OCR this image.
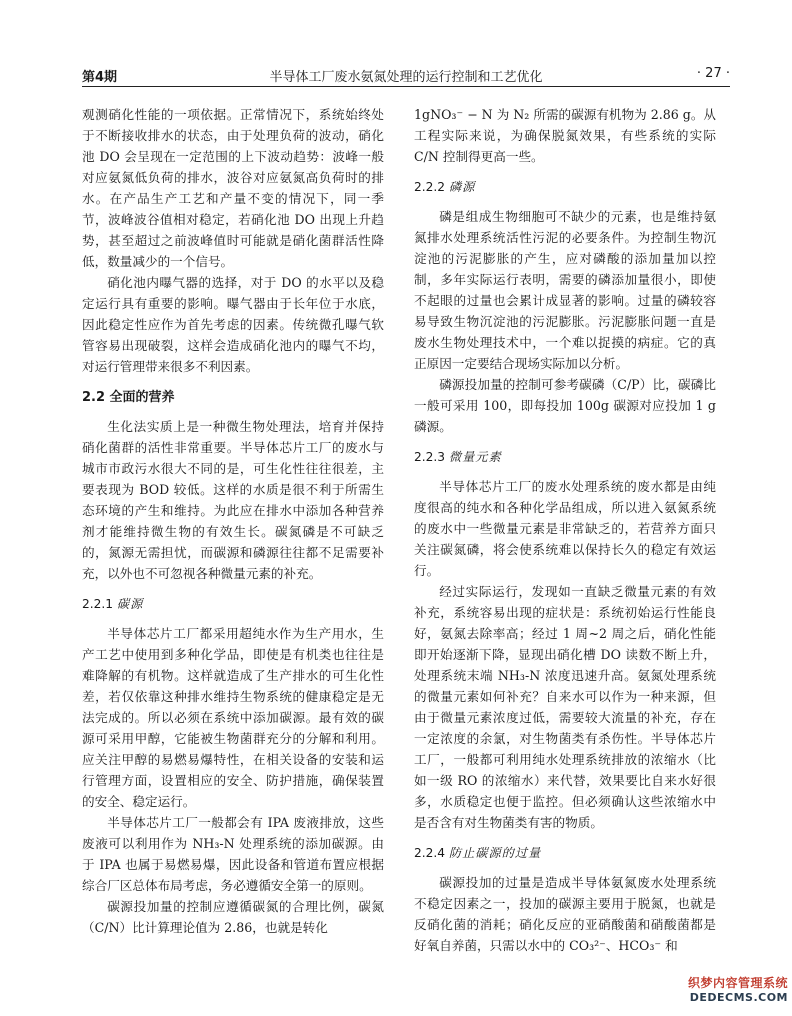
第4期	半导体工厂废水氨氮处理的运行控制和工艺优化	· 27 ·

观测硝化性能的一项依据。正常情况下，系统始终处于不断接收排水的状态，由于处理负荷的波动，硝化池 DO 会呈现在一定范围的上下波动趋势：波峰一般对应氨氮低负荷的排水，波谷对应氨氮高负荷时的排水。在产品生产工艺和产量不变的情况下，同一季节，波峰波谷值相对稳定，若硝化池 DO 出现上升趋势，甚至超过之前波峰值时可能就是硝化菌群活性降低，数量减少的一个信号。

硝化池内曝气器的选择，对于 DO 的水平以及稳定运行具有重要的影响。曝气器由于长年位于水底，因此稳定性应作为首先考虑的因素。传统微孔曝气软管容易出现破裂，这样会造成硝化池内的曝气不均，对运行管理带来很多不利因素。

2.2 全面的营养

生化法实质上是一种微生物处理法，培育并保持硝化菌群的活性非常重要。半导体芯片工厂的废水与城市市政污水很大不同的是，可生化性往往很差，主要表现为 BOD 较低。这样的水质是很不利于所需生态环境的产生和维持。为此应在排水中添加各种营养剂才能维持微生物的有效生长。碳氮磷是不可缺乏的，氮源无需担忧，而碳源和磷源往往都不足需要补充，以外也不可忽视各种微量元素的补充。

2.2.1 碳源

半导体芯片工厂都采用超纯水作为生产用水，生产工艺中使用到多种化学品，即使是有机类也往往是难降解的有机物。这样就造成了生产排水的可生化性差，若仅依靠这种排水维持生物系统的健康稳定是无法完成的。所以必须在系统中添加碳源。最有效的碳源可采用甲醇，它能被生物菌群充分的分解和利用。应关注甲醇的易燃易爆特性，在相关设备的安装和运行管理方面，设置相应的安全、防护措施，确保装置的安全、稳定运行。

半导体芯片工厂一般都会有 IPA 废液排放，这些废液可以利用作为 NH₃-N 处理系统的添加碳源。由于 IPA 也属于易燃易爆，因此设备和管道布置应根据综合厂区总体布局考虑，务必遵循安全第一的原则。

碳源投加量的控制应遵循碳氮的合理比例，碳氮（C/N）比计算理论值为 2.86，也就是转化

1gNO₃⁻ − N 为 N₂ 所需的碳源有机物为 2.86 g。从工程实际来说，为确保脱氮效果，有些系统的实际 C/N 控制得更高一些。

2.2.2 磷源

磷是组成生物细胞可不缺少的元素，也是维持氨氮排水处理系统活性污泥的必要条件。为控制生物沉淀池的污泥膨胀的产生，应对磷酸的添加量加以控制，多年实际运行表明，需要的磷添加量很小，即使不起眼的过量也会累计成显著的影响。过量的磷较容易导致生物沉淀池的污泥膨胀。污泥膨胀问题一直是废水生物处理技术中，一个难以捉摸的病症。它的真正原因一定要结合现场实际加以分析。

磷源投加量的控制可参考碳磷（C/P）比，碳磷比一般可采用 100，即每投加 100g 碳源对应投加 1 g 磷源。

2.2.3 微量元素

半导体芯片工厂的废水处理系统的废水都是由纯度很高的纯水和各种化学品组成，所以进入氨氮系统的废水中一些微量元素是非常缺乏的，若营养方面只关注碳氮磷，将会使系统难以保持长久的稳定有效运行。

经过实际运行，发现如一直缺乏微量元素的有效补充，系统容易出现的症状是：系统初始运行性能良好，氨氮去除率高；经过 1 周~2 周之后，硝化性能即开始逐渐下降，显现出硝化槽 DO 读数不断上升，处理系统末端 NH₃-N 浓度迅速升高。氨氮处理系统的微量元素如何补充？自来水可以作为一种来源，但由于微量元素浓度过低，需要较大流量的补充，存在一定浓度的余氯，对生物菌类有杀伤性。半导体芯片工厂，一般都可利用纯水处理系统排放的浓缩水（比如一级 RO 的浓缩水）来代替，效果要比自来水好很多，水质稳定也便于监控。但必须确认这些浓缩水中是否含有对生物菌类有害的物质。

2.2.4 防止碳源的过量

碳源投加的过量是造成半导体氨氮废水处理系统不稳定因素之一，投加的碳源主要用于脱氮，也就是反硝化菌的消耗；硝化反应的亚硝酸菌和硝酸菌都是好氧自养菌，只需以水中的 CO₃²⁻、HCO₃⁻ 和

织梦内容管理系统
DEDECMS.COM
